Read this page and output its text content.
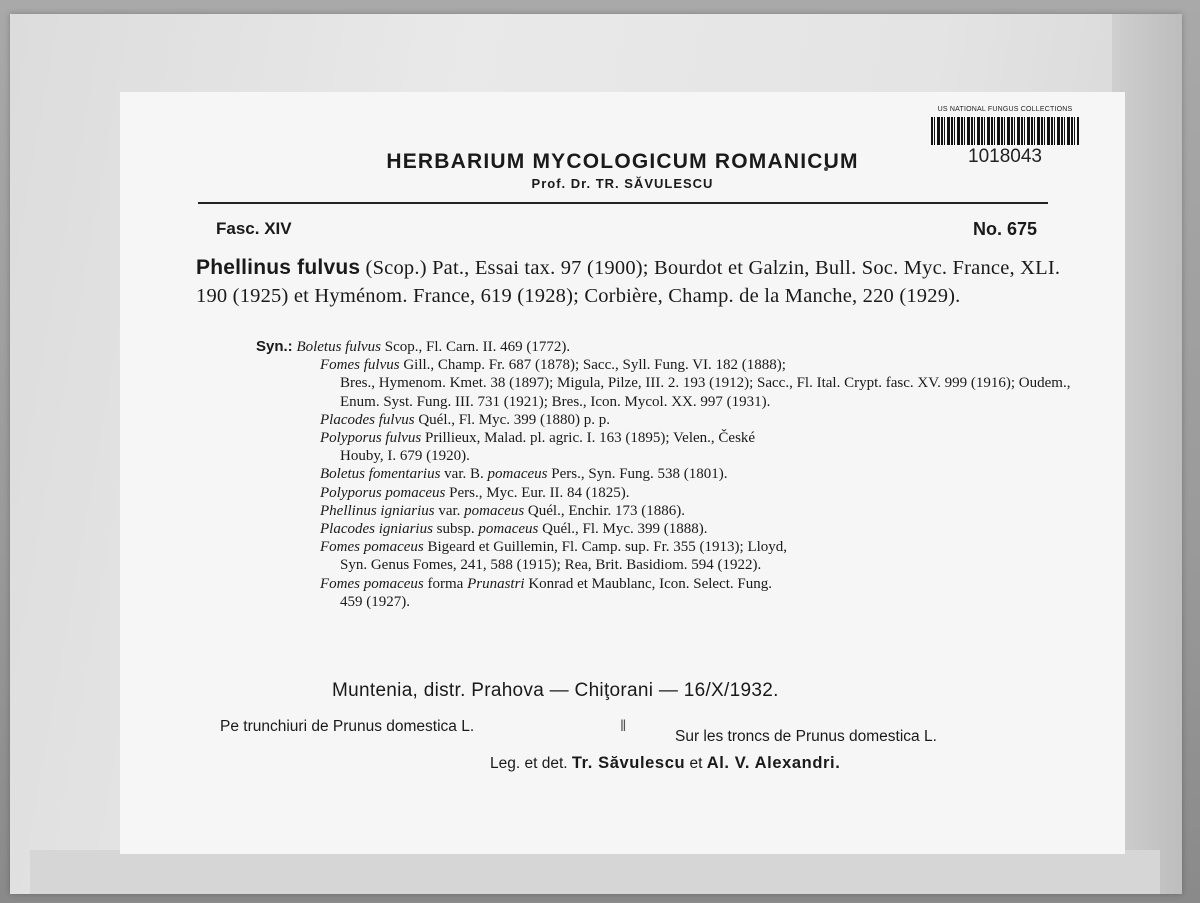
US NATIONAL FUNGUS COLLECTIONS
1018043
HERBARIUM MYCOLOGICUM ROMANICUM
Prof. Dr. TR. SĂVULESCU
Fasc. XIV	No. 675
Phellinus fulvus (Scop.) Pat., Essai tax. 97 (1900); Bourdot et Galzin, Bull. Soc. Myc. France, XLI. 190 (1925) et Hyménom. France, 619 (1928); Corbière, Champ. de la Manche, 220 (1929).
Syn.: Boletus fulvus Scop., Fl. Carn. II. 469 (1772).
Fomes fulvus Gill., Champ. Fr. 687 (1878); Sacc., Syll. Fung. VI. 182 (1888);
Bres., Hymenom. Kmet. 38 (1897); Migula, Pilze, III. 2. 193 (1912); Sacc., Fl. Ital. Crypt. fasc. XV. 999 (1916); Oudem., Enum. Syst. Fung. III. 731 (1921); Bres., Icon. Mycol. XX. 997 (1931).
Placodes fulvus Quél., Fl. Myc. 399 (1880) p. p.
Polyporus fulvus Prillieux, Malad. pl. agric. I. 163 (1895); Velen., České
Houby, I. 679 (1920).
Boletus fomentarius var. B. pomaceus Pers., Syn. Fung. 538 (1801).
Polyporus pomaceus Pers., Myc. Eur. II. 84 (1825).
Phellinus igniarius var. pomaceus Quél., Enchir. 173 (1886).
Placodes igniarius subsp. pomaceus Quél., Fl. Myc. 399 (1888).
Fomes pomaceus Bigeard et Guillemin, Fl. Camp. sup. Fr. 355 (1913); Lloyd,
Syn. Genus Fomes, 241, 588 (1915); Rea, Brit. Basidiom. 594 (1922).
Fomes pomaceus forma Prunastri Konrad et Maublanc, Icon. Select. Fung.
459 (1927).
Muntenia, distr. Prahova — Chiţorani — 16/X/1932.
Pe trunchiuri de Prunus domestica L.	‖
Sur les troncs de Prunus domestica L.
Leg. et det. Tr. Săvulescu et Al. V. Alexandri.
